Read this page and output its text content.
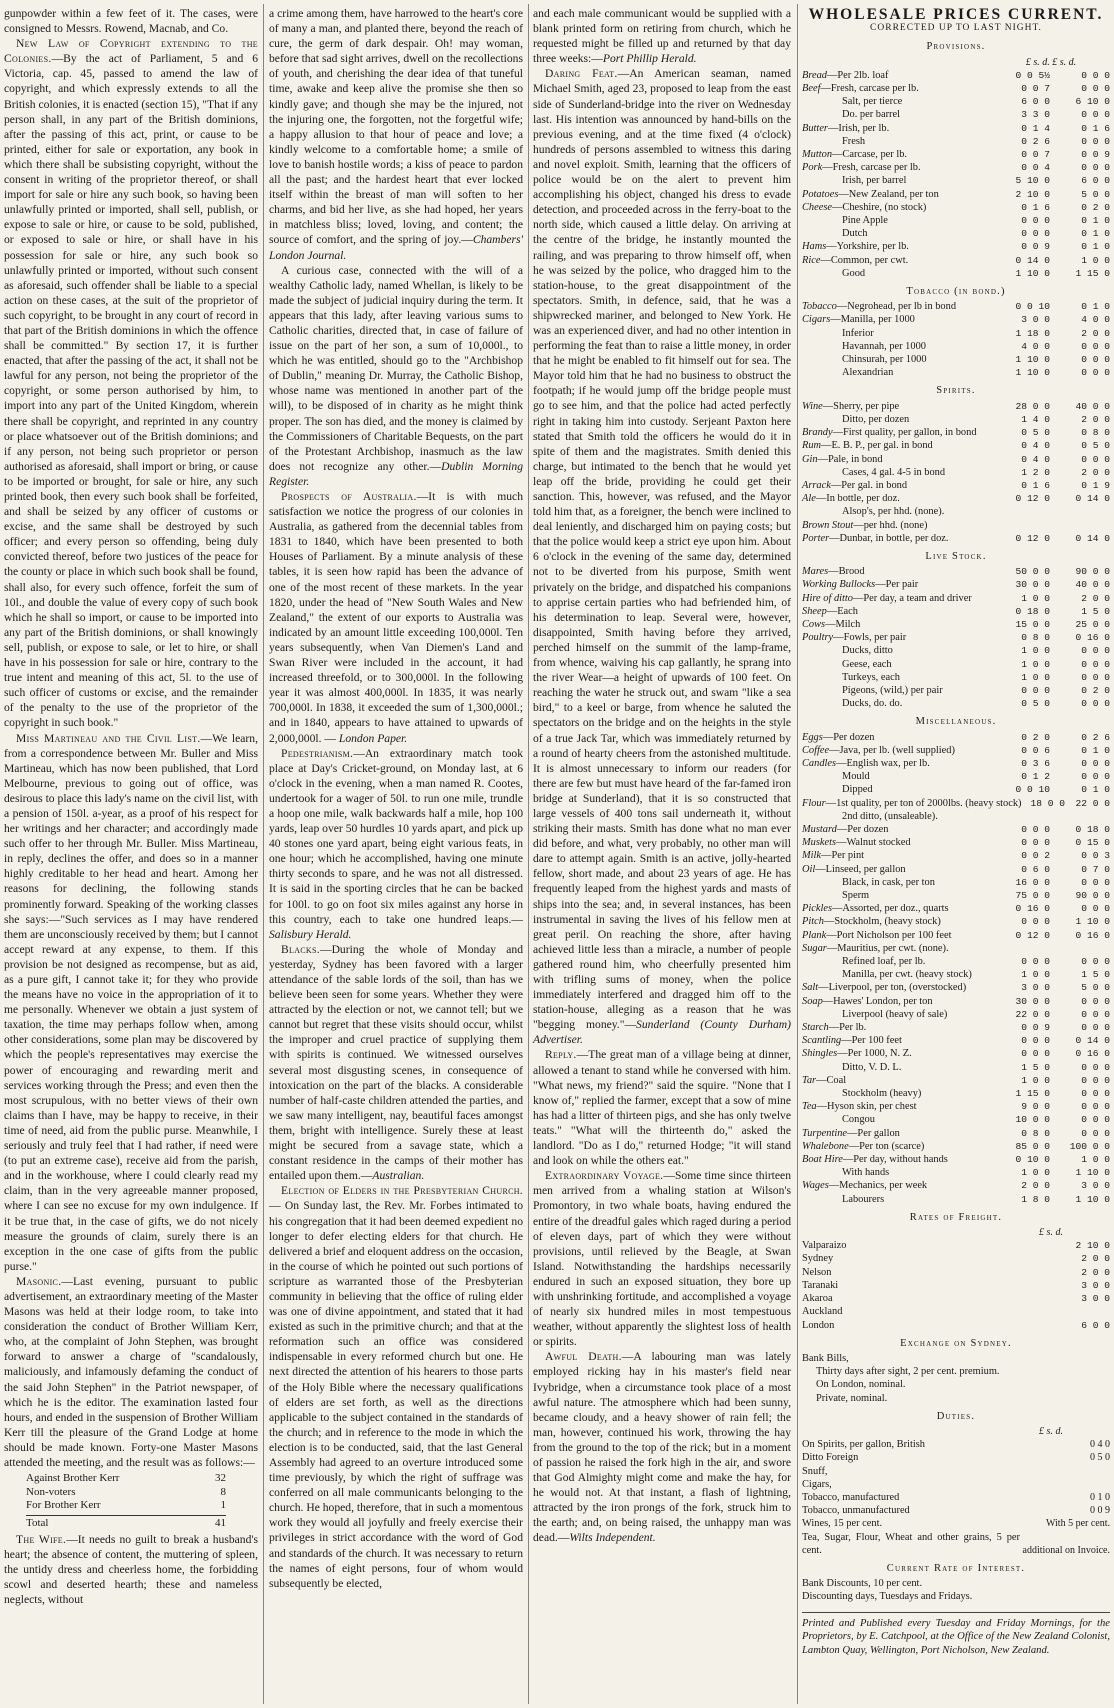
gunpowder within a few feet of it. The cases, were consigned to Messrs. Rowend, Macnab, and Co.

New Law of Copyright extending to the Colonies.—By the act of Parliament, 5 and 6 Victoria, cap. 45, passed to amend the law of copyright, and which expressly extends to all the British colonies, it is enacted (section 15), "That if any person shall, in any part of the British dominions, after the passing of this act, print, or cause to be printed, either for sale or exportation, any book in which there shall be subsisting copyright, without the consent in writing of the proprietor thereof, or shall import for sale or hire any such book, so having been unlawfully printed or imported, shall sell, publish, or expose to sale or hire, or cause to be sold, published, or exposed to sale or hire, or shall have in his possession for sale or hire, any such book so unlawfully printed or imported, without such consent as aforesaid, such offender shall be liable to a special action on these cases, at the suit of the proprietor of such copyright, to be brought in any court of record in that part of the British dominions in which the offence shall be committed." By section 17, it is further enacted, that after the passing of the act, it shall not be lawful for any person, not being the proprietor of the copyright, or some person authorised by him, to import into any part of the United Kingdom, wherein there shall be copyright, and reprinted in any country or place whatsoever out of the British dominions; and if any person, not being such proprietor or person authorised as aforesaid, shall import or bring, or cause to be imported or brought, for sale or hire, any such printed book, then every such book shall be forfeited, and shall be seized by any officer of customs or excise, and the same shall be destroyed by such officer; and every person so offending, being duly convicted thereof, before two justices of the peace for the county or place in which such book shall be found, shall also, for every such offence, forfeit the sum of 10l., and double the value of every copy of such book which he shall so import, or cause to be imported into any part of the British dominions, or shall knowingly sell, publish, or expose to sale, or let to hire, or shall have in his possession for sale or hire, contrary to the true intent and meaning of this act, 5l. to the use of such officer of customs or excise, and the remainder of the penalty to the use of the proprietor of the copyright in such book."

Miss Martineau and the Civil List.—We learn, from a correspondence between Mr. Buller and Miss Martineau, which has now been published, that Lord Melbourne, previous to going out of office, was desirous to place this lady's name on the civil list, with a pension of 150l. a-year, as a proof of his respect for her writings and her character; and accordingly made such offer to her through Mr. Buller. Miss Martineau, in reply, declines the offer, and does so in a manner highly creditable to her head and heart. Among her reasons for declining, the following stands prominently forward. Speaking of the working classes she says:—"Such services as I may have rendered them are unconsciously received by them; but I cannot accept reward at any expense, to them. If this provision be not designed as recompense, but as aid, as a pure gift, I cannot take it; for they who provide the means have no voice in the appropriation of it to me personally. Whenever we obtain a just system of taxation, the time may perhaps follow when, among other considerations, some plan may be discovered by which the people's representatives may exercise the power of encouraging and rewarding merit and services working through the Press; and even then the most scrupulous, with no better views of their own claims than I have, may be happy to receive, in their time of need, aid from the public purse. Meanwhile, I seriously and truly feel that I had rather, if need were (to put an extreme case), receive aid from the parish, and in the workhouse, where I could clearly read my claim, than in the very agreeable manner proposed, where I can see no excuse for my own indulgence. If it be true that, in the case of gifts, we do not nicely measure the grounds of claim, surely there is an exception in the one case of gifts from the public purse."

Masonic.—Last evening, pursuant to public advertisement, an extraordinary meeting of the Master Masons was held at their lodge room, to take into consideration the conduct of Brother William Kerr, who, at the complaint of John Stephen, was brought forward to answer a charge of "scandalously, maliciously, and infamously defaming the conduct of the said John Stephen" in the Patriot newspaper, of which he is the editor. The examination lasted four hours, and ended in the suspension of Brother William Kerr till the pleasure of the Grand Lodge at home should be made known. Forty-one Master Masons attended the meeting, and the result was as follows:—

Against Brother Kerr	32
Non-voters	8
For Brother Kerr	1
Total	41

The Wife.—It needs no guilt to break a husband's heart; the absence of content, the muttering of spleen, the untidy dress and cheerless home, the forbidding scowl and deserted hearth; these and nameless neglects, without

a crime among them, have harrowed to the heart's core of many a man, and planted there, beyond the reach of cure, the germ of dark despair. Oh! may woman, before that sad sight arrives, dwell on the recollections of youth, and cherishing the dear idea of that tuneful time, awake and keep alive the promise she then so kindly gave; and though she may be the injured, not the injuring one, the forgotten, not the forgetful wife; a happy allusion to that hour of peace and love; a kindly welcome to a comfortable home; a smile of love to banish hostile words; a kiss of peace to pardon all the past; and the hardest heart that ever locked itself within the breast of man will soften to her charms, and bid her live, as she had hoped, her years in matchless bliss; loved, loving, and content; the source of comfort, and the spring of joy.—Chambers' London Journal.

A curious case, connected with the will of a wealthy Catholic lady, named Whellan, is likely to be made the subject of judicial inquiry during the term. It appears that this lady, after leaving various sums to Catholic charities, directed that, in case of failure of issue on the part of her son, a sum of 10,000l., to which he was entitled, should go to the "Archbishop of Dublin," meaning Dr. Murray, the Catholic Bishop, whose name was mentioned in another part of the will), to be disposed of in charity as he might think proper. The son has died, and the money is claimed by the Commissioners of Charitable Bequests, on the part of the Protestant Archbishop, inasmuch as the law does not recognize any other.—Dublin Morning Register.

Prospects of Australia.—It is with much satisfaction we notice the progress of our colonies in Australia, as gathered from the decennial tables from 1831 to 1840, which have been presented to both Houses of Parliament. By a minute analysis of these tables, it is seen how rapid has been the advance of one of the most recent of these markets. In the year 1820, under the head of "New South Wales and New Zealand," the extent of our exports to Australia was indicated by an amount little exceeding 100,000l. Ten years subsequently, when Van Diemen's Land and Swan River were included in the account, it had increased threefold, or to 300,000l. In the following year it was almost 400,000l. In 1835, it was nearly 700,000l. In 1838, it exceeded the sum of 1,300,000l.; and in 1840, appears to have attained to upwards of 2,000,000l. — London Paper.

Pedestrianism.—An extraordinary match took place at Day's Cricket-ground, on Monday last, at 6 o'clock in the evening, when a man named R. Cootes, undertook for a wager of 50l. to run one mile, trundle a hoop one mile, walk backwards half a mile, hop 100 yards, leap over 50 hurdles 10 yards apart, and pick up 40 stones one yard apart, being eight various feats, in one hour; which he accomplished, having one minute thirty seconds to spare, and he was not all distressed. It is said in the sporting circles that he can be backed for 100l. to go on foot six miles against any horse in this country, each to take one hundred leaps.—Salisbury Herald.

Blacks.—During the whole of Monday and yesterday, Sydney has been favored with a larger attendance of the sable lords of the soil, than has we believe been seen for some years. Whether they were attracted by the election or not, we cannot tell; but we cannot but regret that these visits should occur, whilst the improper and cruel practice of supplying them with spirits is continued. We witnessed ourselves several most disgusting scenes, in consequence of intoxication on the part of the blacks. A considerable number of half-caste children attended the parties, and we saw many intelligent, nay, beautiful faces amongst them, bright with intelligence. Surely these at least might be secured from a savage state, which a constant residence in the camps of their mother has entailed upon them.—Australian.

Election of Elders in the Presbyterian Church.— On Sunday last, the Rev. Mr. Forbes intimated to his congregation that it had been deemed expedient no longer to defer electing elders for that church. He delivered a brief and eloquent address on the occasion, in the course of which he pointed out such portions of scripture as warranted those of the Presbyterian community in believing that the office of ruling elder was one of divine appointment, and stated that it had existed as such in the primitive church; and that at the reformation such an office was considered indispensable in every reformed church but one. He next directed the attention of his hearers to those parts of the Holy Bible where the necessary qualifications of elders are set forth, as well as the directions applicable to the subject contained in the standards of the church; and in reference to the mode in which the election is to be conducted, said, that the last General Assembly had agreed to an overture introduced some time previously, by which the right of suffrage was conferred on all male communicants belonging to the church. He hoped, therefore, that in such a momentous work they would all joyfully and freely exercise their privileges in strict accordance with the word of God and standards of the church. It was necessary to return the names of eight persons, four of whom would subsequently be elected,

and each male communicant would be supplied with a blank printed form on retiring from church, which he requested might be filled up and returned by that day three weeks:—Port Phillip Herald.

Daring Feat.—An American seaman, named Michael Smith, aged 23, proposed to leap from the east side of Sunderland-bridge into the river on Wednesday last. His intention was announced by hand-bills on the previous evening, and at the time fixed (4 o'clock) hundreds of persons assembled to witness this daring and novel exploit. Smith, learning that the officers of police would be on the alert to prevent him accomplishing his object, changed his dress to evade detection, and proceeded across in the ferry-boat to the north side, which caused a little delay. On arriving at the centre of the bridge, he instantly mounted the railing, and was preparing to throw himself off, when he was seized by the police, who dragged him to the station-house, to the great disappointment of the spectators. Smith, in defence, said, that he was a shipwrecked mariner, and belonged to New York. He was an experienced diver, and had no other intention in performing the feat than to raise a little money, in order that he might be enabled to fit himself out for sea. The Mayor told him that he had no business to obstruct the footpath; if he would jump off the bridge people must go to see him, and that the police had acted perfectly right in taking him into custody. Serjeant Paxton here stated that Smith told the officers he would do it in spite of them and the magistrates. Smith denied this charge, but intimated to the bench that he would yet leap off the bride, providing he could get their sanction. This, however, was refused, and the Mayor told him that, as a foreigner, the bench were inclined to deal leniently, and discharged him on paying costs; but that the police would keep a strict eye upon him. About 6 o'clock in the evening of the same day, determined not to be diverted from his purpose, Smith went privately on the bridge, and dispatched his companions to apprise certain parties who had befriended him, of his determination to leap. Several were, however, disappointed, Smith having before they arrived, perched himself on the summit of the lamp-frame, from whence, waiving his cap gallantly, he sprang into the river Wear—a height of upwards of 100 feet. On reaching the water he struck out, and swam "like a sea bird," to a keel or barge, from whence he saluted the spectators on the bridge and on the heights in the style of a true Jack Tar, which was immediately returned by a round of hearty cheers from the astonished multitude. It is almost unnecessary to inform our readers (for there are few but must have heard of the far-famed iron bridge at Sunderland), that it is so constructed that large vessels of 400 tons sail underneath it, without striking their masts. Smith has done what no man ever did before, and what, very probably, no other man will dare to attempt again. Smith is an active, jolly-hearted fellow, short made, and about 23 years of age. He has frequently leaped from the highest yards and masts of ships into the sea; and, in several instances, has been instrumental in saving the lives of his fellow men at great peril. On reaching the shore, after having achieved little less than a miracle, a number of people gathered round him, who cheerfully presented him with trifling sums of money, when the police immediately interfered and dragged him off to the station-house, alleging as a reason that he was "begging money."—Sunderland (County Durham) Advertiser.

Reply.—The great man of a village being at dinner, allowed a tenant to stand while he conversed with him. "What news, my friend?" said the squire. "None that I know of," replied the farmer, except that a sow of mine has had a litter of thirteen pigs, and she has only twelve teats." "What will the thirteenth do," asked the landlord. "Do as I do," returned Hodge; "it will stand and look on while the others eat."

Extraordinary Voyage.—Some time since thirteen men arrived from a whaling station at Wilson's Promontory, in two whale boats, having endured the entire of the dreadful gales which raged during a period of eleven days, part of which they were without provisions, until relieved by the Beagle, at Swan Island. Notwithstanding the hardships necessarily endured in such an exposed situation, they bore up with unshrinking fortitude, and accomplished a voyage of nearly six hundred miles in most tempestuous weather, without apparently the slightest loss of health or spirits.

Awful Death.—A labouring man was lately employed ricking hay in his master's field near Ivybridge, when a circumstance took place of a most awful nature. The atmosphere which had been sunny, became cloudy, and a heavy shower of rain fell; the man, however, continued his work, throwing the hay from the ground to the top of the rick; but in a moment of passion he raised the fork high in the air, and swore that God Almighty might come and make the hay, for he would not. At that instant, a flash of lightning, attracted by the iron prongs of the fork, struck him to the earth; and, on being raised, the unhappy man was dead.—Wilts Independent.

WHOLESALE PRICES CURRENT.
CORRECTED UP TO LAST NIGHT.
Provisions.
£ s. d. £ s. d.
Bread—Per 2lb. loaf	0 0 5½	0 0 0
Beef—Fresh, carcase per lb.	0 0 7	0 0 0
Salt, per tierce	6 0 0	6 10 0
Do. per barrel	3 3 0	0 0 0
Butter—Irish, per lb.	0 1 4	0 1 6
Fresh	0 2 6	0 0 0
Mutton—Carcase, per lb.	0 0 7	0 0 9
Pork—Fresh, carcase per lb.	0 0 4	0 0 0
Irish, per barrel	5 10 0	6 0 0
Potatoes—New Zealand, per ton	2 10 0	5 0 0
Cheese—Cheshire, (no stock)	0 1 6	0 2 0
Pine Apple	0 0 0	0 1 0
Dutch	0 0 0	0 1 0
Hams—Yorkshire, per lb.	0 0 9	0 1 0
Rice—Common, per cwt.	0 14 0	1 0 0
Good	1 10 0	1 15 0
Tobacco (in bond.)
Tobacco—Negrohead, per lb in bond	0 0 10	0 1 0
Cigars—Manilla, per 1000	3 0 0	4 0 0
Inferior	1 18 0	2 0 0
Havannah, per 1000	4 0 0	0 0 0
Chinsurah, per 1000	1 10 0	0 0 0
Alexandrian	1 10 0	0 0 0
Spirits.
Wine—Sherry, per pipe	28 0 0	40 0 0
Ditto, per dozen	1 4 0	2 0 0
Brandy—First quality, per gallon, in bond	0 5 0	0 8 0
Rum—E. B. P., per gal. in bond	0 4 0	0 5 0
Gin—Pale, in bond	0 4 0	0 0 0
Cases, 4 gal. 4-5 in bond	1 2 0	2 0 0
Arrack—Per gal. in bond	0 1 6	0 1 9
Ale—In bottle, per doz.	0 12 0	0 14 0
Alsop's, per hhd. (none).
Brown Stout—per hhd. (none)
Porter—Dunbar, in bottle, per doz.	0 12 0	0 14 0
Live Stock.
Mares—Brood	50 0 0	90 0 0
Working Bullocks—Per pair	30 0 0	40 0 0
Hire of ditto—Per day, a team and driver	1 0 0	2 0 0
Sheep—Each	0 18 0	1 5 0
Cows—Milch	15 0 0	25 0 0
Poultry—Fowls, per pair	0 8 0	0 16 0
Ducks, ditto	1 0 0	0 0 0
Geese, each	1 0 0	0 0 0
Turkeys, each	1 0 0	0 0 0
Pigeons, (wild,) per pair	0 0 0	0 2 0
Ducks, do. do.	0 5 0	0 0 0
Miscellaneous.
Eggs—Per dozen	0 2 0	0 2 6
Coffee—Java, per lb. (well supplied)	0 0 6	0 1 0
Candles—English wax, per lb.	0 3 6	0 0 0
Mould	0 1 2	0 0 0
Dipped	0 0 10	0 1 0
Flour—1st quality, per ton of 2000lbs. (heavy stock) 18 0 0	22 0 0
2nd ditto, (unsaleable).
Mustard—Per dozen	0 0 0	0 18 0
Muskets—Walnut stocked	0 0 0	0 15 0
Milk—Per pint	0 0 2	0 0 3
Oil—Linseed, per gallon	0 6 0	0 7 0
Black, in cask, per ton	16 0 0	0 0 0
Sperm	75 0 0	90 0 0
Pickles—Assorted, per doz., quarts	0 16 0	0 0 0
Pitch—Stockholm, (heavy stock)	0 0 0	1 10 0
Plank—Port Nicholson per 100 feet	0 12 0	0 16 0
Sugar—Mauritius, per cwt. (none).
Refined loaf, per lb.	0 0 0	0 0 0
Manilla, per cwt. (heavy stock)	1 0 0	1 5 0
Salt—Liverpool, per ton, (overstocked)	3 0 0	5 0 0
Soap—Hawes' London, per ton	30 0 0	0 0 0
Liverpool (heavy of sale)	22 0 0	0 0 0
Starch—Per lb.	0 0 9	0 0 0
Scantling—Per 100 feet	0 0 0	0 14 0
Shingles—Per 1000, N. Z.	0 0 0	0 16 0
Ditto, V. D. L.	1 5 0	0 0 0
Tar—Coal	1 0 0	0 0 0
Stockholm (heavy)	1 15 0	0 0 0
Tea—Hyson skin, per chest	9 0 0	0 0 0
Congou	10 0 0	0 0 0
Turpentine—Per gallon	0 8 0	0 0 0
Whalebone—Per ton (scarce)	85 0 0	100 0 0
Boat Hire—Per day, without hands	0 10 0	1 0 0
With hands	1 0 0	1 10 0
Wages—Mechanics, per week	2 0 0	3 0 0
Labourers	1 8 0	1 10 0
Rates of Freight.
£ s. d.
Valparaizo	2 10 0
Sydney	2 0 0
Nelson	2 0 0
Taranaki	3 0 0
Akaroa	3 0 0
Auckland
London	6 0 0
Exchange on Sydney.
Bank Bills,
Thirty days after sight, 2 per cent. premium.
On London, nominal.
Private, nominal.
Duties.
£ s. d.
On Spirits, per gallon, British	0 4 0
Ditto Foreign	0 5 0
Snuff,
Cigars,
Tobacco, manufactured	0 1 0
Tobacco, unmanufactured	0 0 9
Wines, 15 per cent.	With 5 per cent.
Tea, Sugar, Flour, Wheat and other grains, 5 per cent.	additional on Invoice.
Current Rate of Interest.
Bank Discounts, 10 per cent.
Discounting days, Tuesdays and Fridays.
Printed and Published every Tuesday and Friday Mornings, for the Proprietors, by E. Catchpool, at the Office of the New Zealand Colonist, Lambton Quay, Wellington, Port Nicholson, New Zealand.
